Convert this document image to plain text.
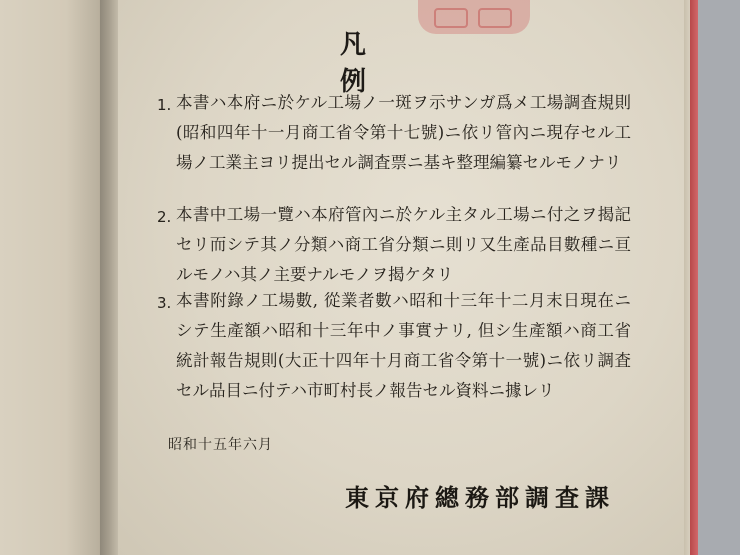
凡　例
1. 本書ハ本府ニ於ケル工場ノ一斑ヲ示サンガ爲メ工場調査規則(昭和四年十一月商工省令第十七號)ニ依リ管內ニ現存セル工場ノ工業主ヨリ提出セル調査票ニ基キ整理編纂セルモノナリ
2. 本書中工場一覽ハ本府管內ニ於ケル主タル工場ニ付之ヲ揭記セリ而シテ其ノ分類ハ商工省分類ニ則リ又生產品目數種ニ亘ルモノハ其ノ主要ナルモノヲ揭ケタリ
3. 本書附錄ノ工場數, 從業者數ハ昭和十三年十二月末日現在ニシテ生產額ハ昭和十三年中ノ事實ナリ, 但シ生產額ハ商工省統計報告規則(大正十四年十月商工省令第十一號)ニ依リ調査セル品目ニ付テハ市町村長ノ報告セル資料ニ據レリ
昭和十五年六月
東京府總務部調査課
